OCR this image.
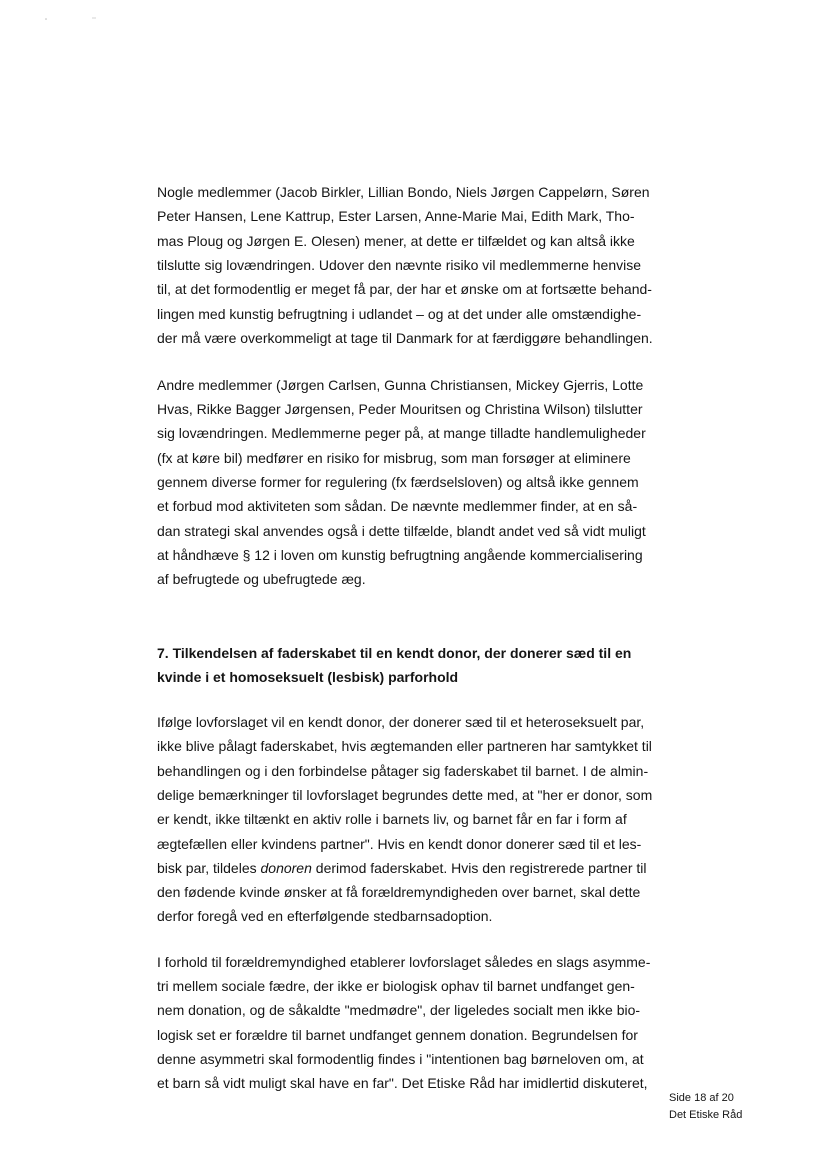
Nogle medlemmer (Jacob Birkler, Lillian Bondo, Niels Jørgen Cappelørn, Søren

Peter Hansen, Lene Kattrup, Ester Larsen, Anne-Marie Mai, Edith Mark, Tho-

mas Ploug og Jørgen E. Olesen) mener, at dette er tilfældet og kan altså ikke

tilslutte sig lovændringen. Udover den nævnte risiko vil medlemmerne henvise

til, at det formodentlig er meget få par, der har et ønske om at fortsætte behand-

lingen med kunstig befrugtning i udlandet – og at det under alle omstændighe-

der må være overkommeligt at tage til Danmark for at færdiggøre behandlingen.

Andre medlemmer (Jørgen Carlsen, Gunna Christiansen, Mickey Gjerris, Lotte

Hvas, Rikke Bagger Jørgensen, Peder Mouritsen og Christina Wilson) tilslutter

sig lovændringen. Medlemmerne peger på, at mange tilladte handlemuligheder

(fx at køre bil) medfører en risiko for misbrug, som man forsøger at eliminere

gennem diverse former for regulering (fx færdselsloven) og altså ikke gennem

et forbud mod aktiviteten som sådan. De nævnte medlemmer finder, at en så-

dan strategi skal anvendes også i dette tilfælde, blandt andet ved så vidt muligt

at håndhæve § 12 i loven om kunstig befrugtning angående kommercialisering

af befrugtede og ubefrugtede æg.

7. Tilkendelsen af faderskabet til en kendt donor, der donerer sæd til en

kvinde i et homoseksuelt (lesbisk) parforhold

Ifølge lovforslaget vil en kendt donor, der donerer sæd til et heteroseksuelt par,

ikke blive pålagt faderskabet, hvis ægtemanden eller partneren har samtykket til

behandlingen og i den forbindelse påtager sig faderskabet til barnet. I de almin-

delige bemærkninger til lovforslaget begrundes dette med, at "her er donor, som

er kendt, ikke tiltænkt en aktiv rolle i barnets liv, og barnet får en far i form af

ægtefællen eller kvindens partner". Hvis en kendt donor donerer sæd til et les-

bisk par, tildeles donoren derimod faderskabet. Hvis den registrerede partner til

den fødende kvinde ønsker at få forældremyndigheden over barnet, skal dette

derfor foregå ved en efterfølgende stedbarnsadoption.

I forhold til forældremyndighed etablerer lovforslaget således en slags asymme-

tri mellem sociale fædre, der ikke er biologisk ophav til barnet undfanget gen-

nem donation, og de såkaldte "medmødre", der ligeledes socialt men ikke bio-

logisk set er forældre til barnet undfanget gennem donation. Begrundelsen for

denne asymmetri skal formodentlig findes i "intentionen bag børneloven om, at

et barn så vidt muligt skal have en far". Det Etiske Råd har imidlertid diskuteret,

Side 18 af 20

Det Etiske Råd
